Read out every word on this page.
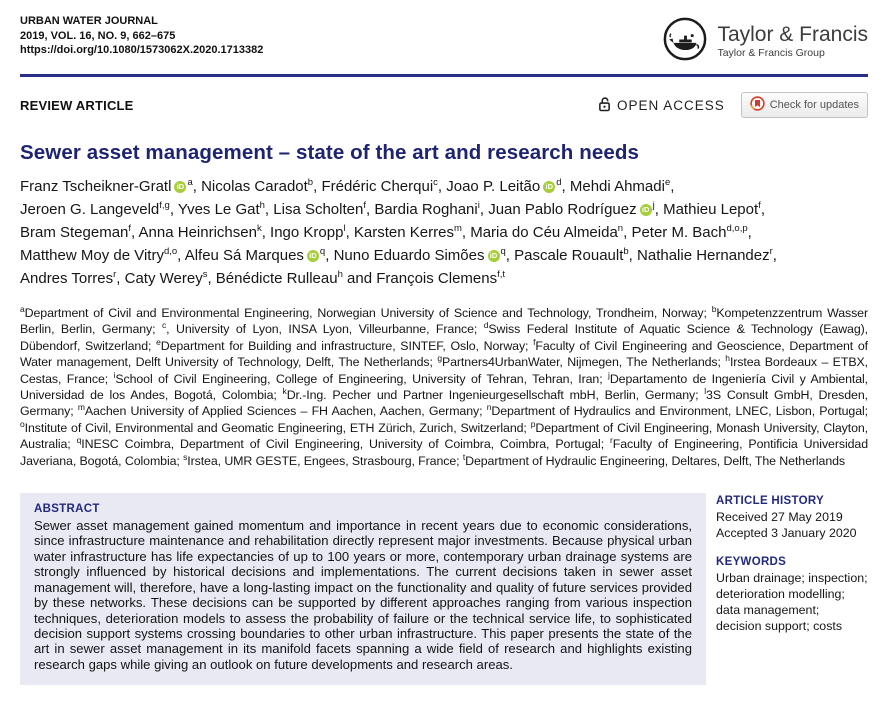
URBAN WATER JOURNAL
2019, VOL. 16, NO. 9, 662–675
https://doi.org/10.1080/1573062X.2020.1713382
Taylor & Francis
Taylor & Francis Group
REVIEW ARTICLE	OPEN ACCESS	Check for updates
Sewer asset management – state of the art and research needs
Franz Tscheikner-Gratl iD $^a$, Nicolas Caradot$^b$, Frédéric Cherqui$^c$, Joao P. Leitão iD $^d$, Mehdi Ahmadi$^e$,
Jeroen G. Langeveld$^{f,g}$, Yves Le Gat$^h$, Lisa Scholten$^f$, Bardia Roghani$^i$, Juan Pablo Rodríguez iD $^j$, Mathieu Lepot$^f$,
Bram Stegeman$^f$, Anna Heinrichsen$^k$, Ingo Kropp$^l$, Karsten Kerres$^m$, Maria do Céu Almeida$^n$, Peter M. Bach$^{d,o,p}$,
Matthew Moy de Vitry$^{d,o}$, Alfeu Sá Marques iD $^q$, Nuno Eduardo Simões iD $^q$, Pascale Rouault$^b$, Nathalie Hernandez$^r$,
Andres Torres$^r$, Caty Werey$^s$, Bénédicte Rulleau$^h$ and François Clemens$^{f,t}$

$^a$Department of Civil and Environmental Engineering, Norwegian University of Science and Technology, Trondheim, Norway; $^b$Kompetenzzentrum Wasser Berlin, Berlin, Germany; $^c$, University of Lyon, INSA Lyon, Villeurbanne, France; $^d$Swiss Federal Institute of Aquatic Science & Technology (Eawag), Dübendorf, Switzerland; $^e$Department for Building and infrastructure, SINTEF, Oslo, Norway; $^f$Faculty of Civil Engineering and Geoscience, Department of Water management, Delft University of Technology, Delft, The Netherlands; $^g$Partners4UrbanWater, Nijmegen, The Netherlands; $^h$Irstea Bordeaux – ETBX, Cestas, France; $^i$School of Civil Engineering, College of Engineering, University of Tehran, Tehran, Iran; $^j$Departamento de Ingeniería Civil y Ambiental, Universidad de los Andes, Bogotá, Colombia; $^k$Dr.-Ing. Pecher und Partner Ingenieurgesellschaft mbH, Berlin, Germany; $^l$3S Consult GmbH, Dresden, Germany; $^m$Aachen University of Applied Sciences – FH Aachen, Aachen, Germany; $^n$Department of Hydraulics and Environment, LNEC, Lisbon, Portugal; $^o$Institute of Civil, Environmental and Geomatic Engineering, ETH Zürich, Zurich, Switzerland; $^p$Department of Civil Engineering, Monash University, Clayton, Australia; $^q$INESC Coimbra, Department of Civil Engineering, University of Coimbra, Coimbra, Portugal; $^r$Faculty of Engineering, Pontificia Universidad Javeriana, Bogotá, Colombia; $^s$Irstea, UMR GESTE, Engees, Strasbourg, France; $^t$Department of Hydraulic Engineering, Deltares, Delft, The Netherlands

ABSTRACT

Sewer asset management gained momentum and importance in recent years due to economic considerations, since infrastructure maintenance and rehabilitation directly represent major investments. Because physical urban water infrastructure has life expectancies of up to 100 years or more, contemporary urban drainage systems are strongly influenced by historical decisions and implementations. The current decisions taken in sewer asset management will, therefore, have a long-lasting impact on the functionality and quality of future services provided by these networks. These decisions can be supported by different approaches ranging from various inspection techniques, deterioration models to assess the probability of failure or the technical service life, to sophisticated decision support systems crossing boundaries to other urban infrastructure. This paper presents the state of the art in sewer asset management in its manifold facets spanning a wide field of research and highlights existing research gaps while giving an outlook on future developments and research areas.

ARTICLE HISTORY
Received 27 May 2019
Accepted 3 January 2020
KEYWORDS
Urban drainage; inspection; deterioration modelling; data management; decision support; costs
